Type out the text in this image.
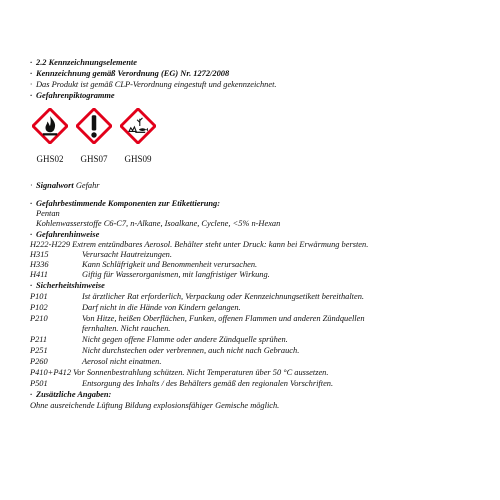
· 2.2 Kennzeichnungselemente
· Kennzeichnung gemäß Verordnung (EG) Nr. 1272/2008
· Das Produkt ist gemäß CLP-Verordnung eingestuft und gekennzeichnet.
· Gefahrenpiktogramme
GHS02	GHS07	GHS09
· Signalwort Gefahr
· Gefahrbestimmende Komponenten zur Etikettierung:
Pentan
Kohlenwasserstoffe C6-C7, n-Alkane, Isoalkane, Cyclene, <5% n-Hexan
· Gefahrenhinweise
H222-H229 Extrem entzündbares Aerosol. Behälter steht unter Druck: kann bei Erwärmung bersten.
H315	Verursacht Hautreizungen.
H336	Kann Schläfrigkeit und Benommenheit verursachen.
H411	Giftig für Wasserorganismen, mit langfristiger Wirkung.
· Sicherheitshinweise
P101	Ist ärztlicher Rat erforderlich, Verpackung oder Kennzeichnungsetikett bereithalten.
P102	Darf nicht in die Hände von Kindern gelangen.
P210	Von Hitze, heißen Oberflächen, Funken, offenen Flammen und anderen Zündquellen
fernhalten. Nicht rauchen.
P211	Nicht gegen offene Flamme oder andere Zündquelle sprühen.
P251	Nicht durchstechen oder verbrennen, auch nicht nach Gebrauch.
P260	Aerosol nicht einatmen.
P410+P412 Vor Sonnenbestrahlung schützen. Nicht Temperaturen über 50 °C aussetzen.
P501	Entsorgung des Inhalts / des Behälters gemäß den regionalen Vorschriften.
· Zusätzliche Angaben:
Ohne ausreichende Lüftung Bildung explosionsfähiger Gemische möglich.
